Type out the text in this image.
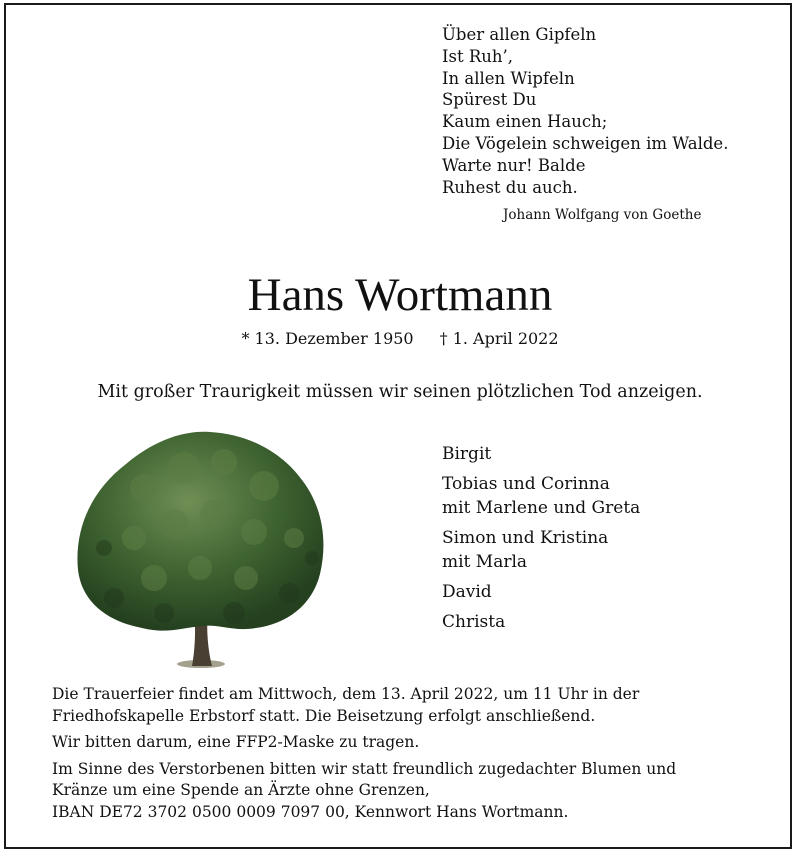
Über allen Gipfeln
Ist Ruh’,
In allen Wipfeln
Spürest Du
Kaum einen Hauch;
Die Vögelein schweigen im Walde.
Warte nur! Balde
Ruhest du auch.
Johann Wolfgang von Goethe
Hans Wortmann
* 13. Dezember 1950 † 1. April 2022
Mit großer Traurigkeit müssen wir seinen plötzlichen Tod anzeigen.
Birgit
Tobias und Corinna
mit Marlene und Greta
Simon und Kristina
mit Marla
David
Christa

Die Trauerfeier findet am Mittwoch, dem 13. April 2022, um 11 Uhr in der
Friedhofskapelle Erbstorf statt. Die Beisetzung erfolgt anschließend.

Wir bitten darum, eine FFP2-Maske zu tragen.

Im Sinne des Verstorbenen bitten wir statt freundlich zugedachter Blumen und
Kränze um eine Spende an Ärzte ohne Grenzen,
IBAN DE72 3702 0500 0009 7097 00, Kennwort Hans Wortmann.
